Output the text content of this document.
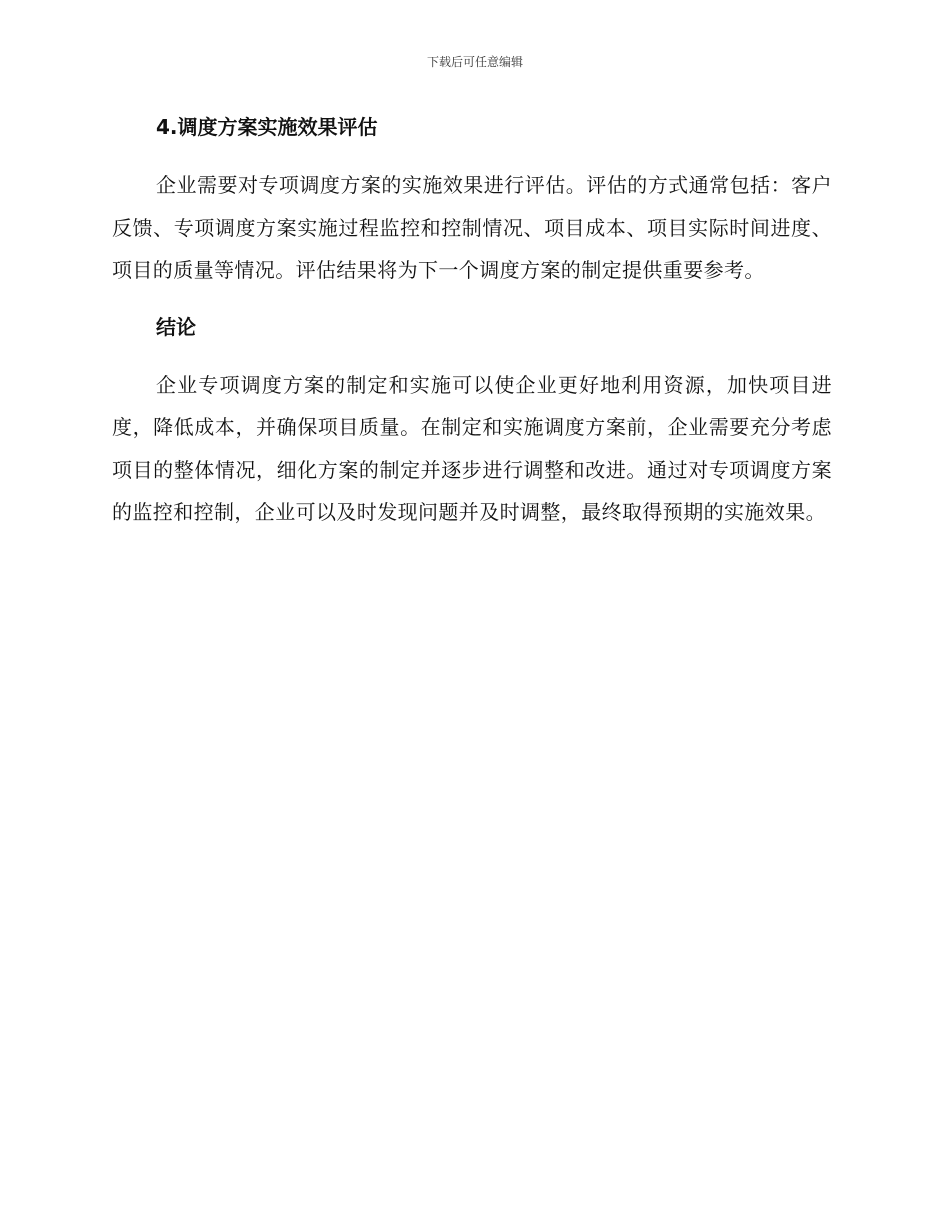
下载后可任意编辑
4.调度方案实施效果评估

企业需要对专项调度方案的实施效果进行评估。评估的方式通常包括：客户反馈、专项调度方案实施过程监控和控制情况、项目成本、项目实际时间进度、项目的质量等情况。评估结果将为下一个调度方案的制定提供重要参考。

结论

企业专项调度方案的制定和实施可以使企业更好地利用资源，加快项目进度，降低成本，并确保项目质量。在制定和实施调度方案前，企业需要充分考虑项目的整体情况，细化方案的制定并逐步进行调整和改进。通过对专项调度方案的监控和控制，企业可以及时发现问题并及时调整，最终取得预期的实施效果。
